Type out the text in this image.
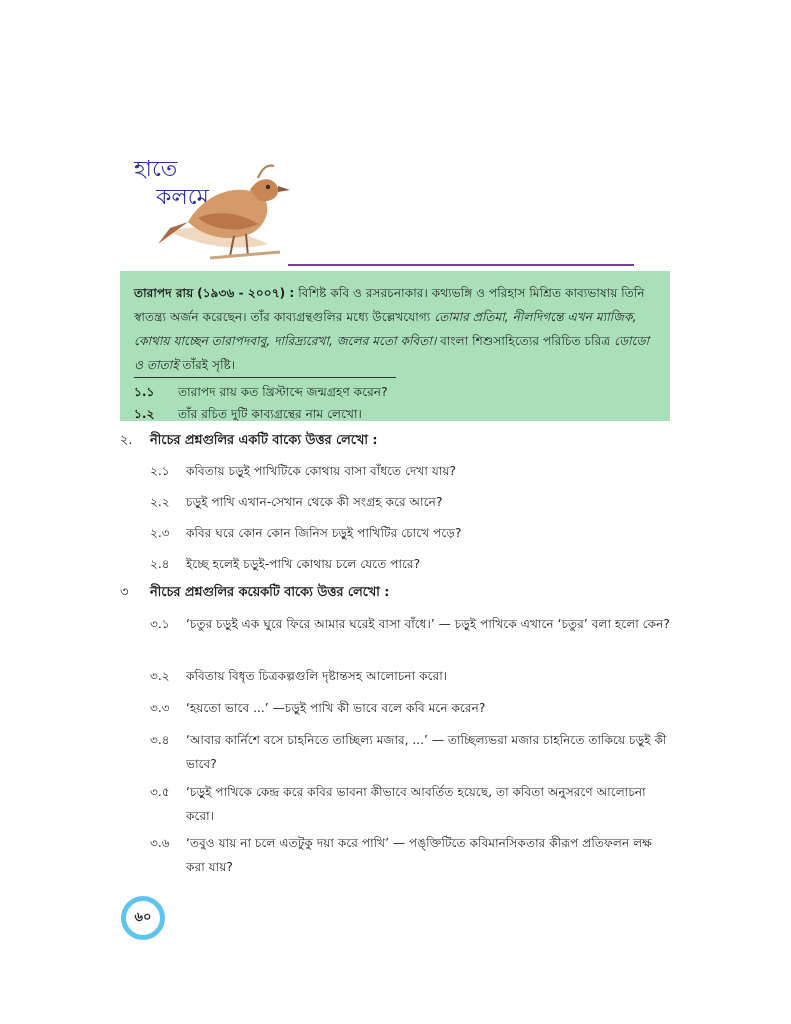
হাতে
কলমে

তারাপদ রায় (১৯৩৬ - ২০০৭) : বিশিষ্ট কবি ও রসরচনাকার। কথ্যভঙ্গি ও পরিহাস মিশ্রিত কাব্যভাষায় তিনি স্বাতন্ত্র্য অর্জন করেছেন। তাঁর কাব্যগ্রন্থগুলির মধ্যে উল্লেখযোগ্য তোমার প্রতিমা, নীলদিগন্তে এখন ম্যাজিক, কোথায় যাচ্ছেন তারাপদবাবু, দারিদ্র্যরেখা, জলের মতো কবিতা। বাংলা শিশুসাহিত্যের পরিচিত চরিত্র ডোডো ও তাতাই তাঁরই সৃষ্টি।

১.১	তারাপদ রায় কত খ্রিস্টাব্দে জন্মগ্রহণ করেন?
১.২	তাঁর রচিত দুটি কাব্যগ্রন্থের নাম লেখো।
২.	নীচের প্রশ্নগুলির একটি বাক্যে উত্তর লেখো :
২.১	কবিতায় চড়ুই পাখিটিকে কোথায় বাসা বাঁধতে দেখা যায়?
২.২	চড়ুই পাখি এখান-সেখান থেকে কী সংগ্রহ করে আনে?
২.৩	কবির ঘরে কোন কোন জিনিস চড়ুই পাখিটির চোখে পড়ে?
২.৪	ইচ্ছে হলেই চড়ুই-পাখি কোথায় চলে যেতে পারে?
৩	নীচের প্রশ্নগুলির কয়েকটি বাক্যে উত্তর লেখো :
৩.১	‘চতুর চড়ুই এক ঘুরে ফিরে আমার ঘরেই বাসা বাঁধে।’ — চড়ুই পাখিকে এখানে ‘চতুর’ বলা হলো কেন?
৩.২	কবিতায় বিধৃত চিত্রকল্পগুলি দৃষ্টান্তসহ আলোচনা করো।
৩.৩	‘হয়তো ভাবে ...’ —চড়ুই পাখি কী ভাবে বলে কবি মনে করেন?
৩.৪	‘আবার কার্নিশে বসে চাহনিতে তাচ্ছিল্য মজার, ...’ — তাচ্ছিল্যভরা মজার চাহনিতে তাকিয়ে চড়ুই কী ভাবে?
৩.৫	‘চড়ুই পাখিকে কেন্দ্র করে কবির ভাবনা কীভাবে আবর্তিত হয়েছে, তা কবিতা অনুসরণে আলোচনা করো।
৩.৬	‘তবুও যায় না চলে এতটুকু দয়া করে পাখি’ — পঙ্‌ক্তিটিতে কবিমানসিকতার কীরূপ প্রতিফলন লক্ষ করা যায়?
৬০
